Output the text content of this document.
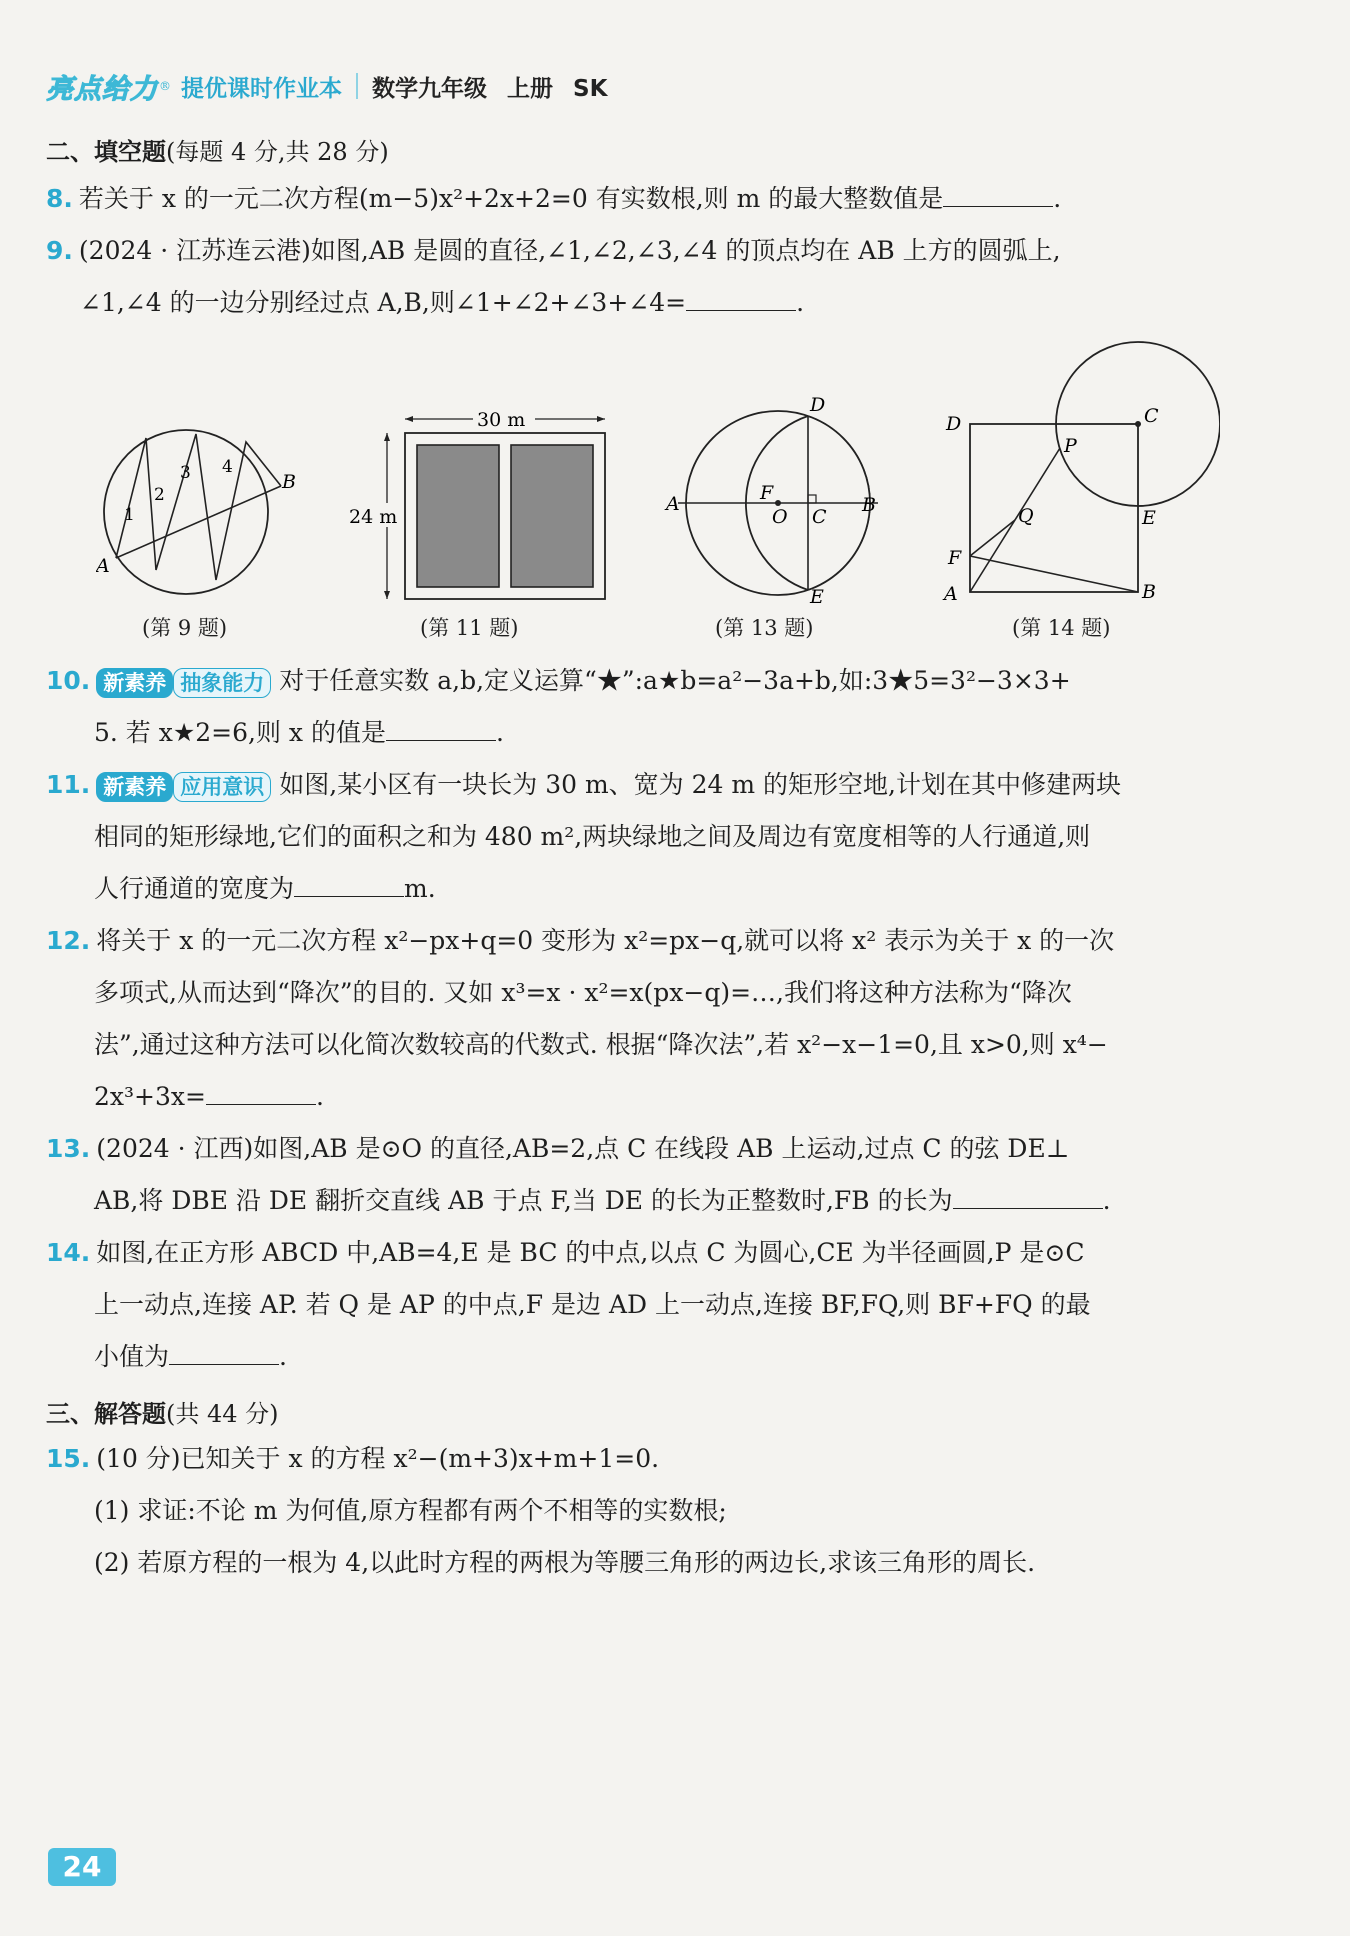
亮点给力 ® 提优课时作业本 数学九年级 上册 SK
二、填空题(每题 4 分,共 28 分)
8. 若关于 x 的一元二次方程(m−5)x²+2x+2=0 有实数根,则 m 的最大整数值是	.
9. (2024 · 江苏连云港)如图,AB 是圆的直径,∠1,∠2,∠3,∠4 的顶点均在 AB 上方的圆弧上,
∠1,∠4 的一边分别经过点 A,B,则∠1+∠2+∠3+∠4=	.
A
B
1
2
3 4
(第 9 题)
30 m
24 m
(第 11 题)
A	B
C
D
E
F
O
(第 13 题)
A	B
C
D
E
F
P
Q
(第 14 题)
10. 新素养 抽象能力 对于任意实数 a,b,定义运算“★”:a★b=a²−3a+b,如:3★5=3²−3×3+
5. 若 x★2=6,则 x 的值是	.
11. 新素养 应用意识 如图,某小区有一块长为 30 m、宽为 24 m 的矩形空地,计划在其中修建两块
相同的矩形绿地,它们的面积之和为 480 m²,两块绿地之间及周边有宽度相等的人行通道,则
人行通道的宽度为	m.
12. 将关于 x 的一元二次方程 x²−px+q=0 变形为 x²=px−q,就可以将 x² 表示为关于 x 的一次
多项式,从而达到“降次”的目的. 又如 x³=x · x²=x(px−q)=…,我们将这种方法称为“降次
法”,通过这种方法可以化简次数较高的代数式. 根据“降次法”,若 x²−x−1=0,且 x>0,则 x⁴−
2x³+3x=	.
13. (2024 · 江西)如图,AB 是⊙O 的直径,AB=2,点 C 在线段 AB 上运动,过点 C 的弦 DE⊥
AB,将 DBE 沿 DE 翻折交直线 AB 于点 F,当 DE 的长为正整数时,FB 的长为	.
14. 如图,在正方形 ABCD 中,AB=4,E 是 BC 的中点,以点 C 为圆心,CE 为半径画圆,P 是⊙C
上一动点,连接 AP. 若 Q 是 AP 的中点,F 是边 AD 上一动点,连接 BF,FQ,则 BF+FQ 的最
小值为	.
三、解答题(共 44 分)
15. (10 分)已知关于 x 的方程 x²−(m+3)x+m+1=0.
(1) 求证:不论 m 为何值,原方程都有两个不相等的实数根;
(2) 若原方程的一根为 4,以此时方程的两根为等腰三角形的两边长,求该三角形的周长.
24
